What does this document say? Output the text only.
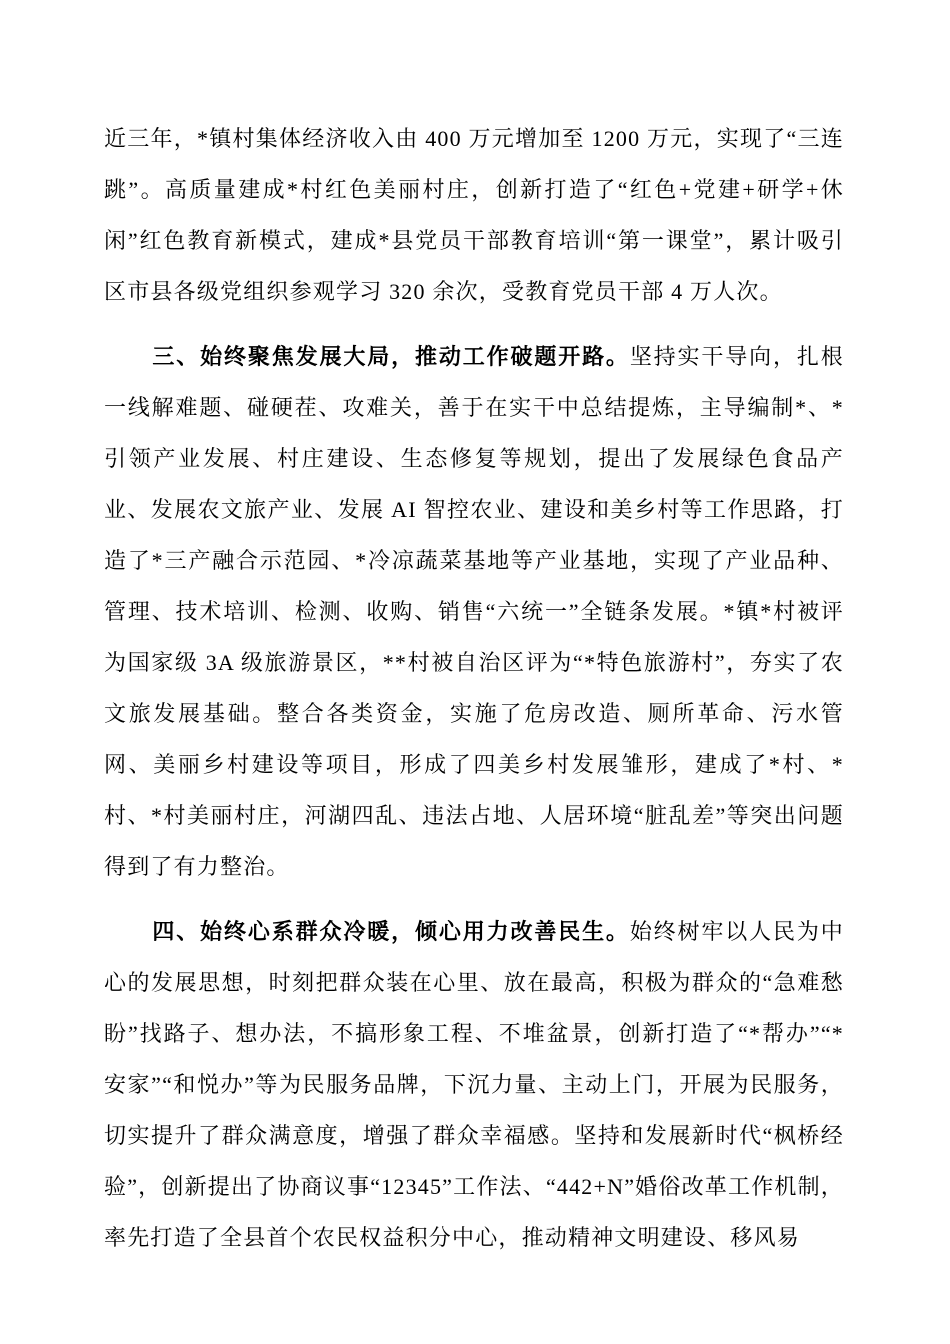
近三年，*镇村集体经济收入由 400 万元增加至 1200 万元，实现了“三连跳”。高质量建成*村红色美丽村庄，创新打造了“红色+党建+研学+休闲”红色教育新模式，建成*县党员干部教育培训“第一课堂”，累计吸引区市县各级党组织参观学习 320 余次，受教育党员干部 4 万人次。

三、始终聚焦发展大局，推动工作破题开路。坚持实干导向，扎根一线解难题、碰硬茬、攻难关，善于在实干中总结提炼，主导编制*、*引领产业发展、村庄建设、生态修复等规划，提出了发展绿色食品产业、发展农文旅产业、发展 AI 智控农业、建设和美乡村等工作思路，打造了*三产融合示范园、*冷凉蔬菜基地等产业基地，实现了产业品种、管理、技术培训、检测、收购、销售“六统一”全链条发展。*镇*村被评为国家级 3A 级旅游景区，**村被自治区评为“*特色旅游村”，夯实了农文旅发展基础。整合各类资金，实施了危房改造、厕所革命、污水管网、美丽乡村建设等项目，形成了四美乡村发展雏形，建成了*村、*村、*村美丽村庄，河湖四乱、违法占地、人居环境“脏乱差”等突出问题得到了有力整治。

四、始终心系群众冷暖，倾心用力改善民生。始终树牢以人民为中心的发展思想，时刻把群众装在心里、放在最高，积极为群众的“急难愁盼”找路子、想办法，不搞形象工程、不堆盆景，创新打造了“*帮办”“*安家”“和悦办”等为民服务品牌，下沉力量、主动上门，开展为民服务，切实提升了群众满意度，增强了群众幸福感。坚持和发展新时代“枫桥经验”，创新提出了协商议事“12345”工作法、“442+N”婚俗改革工作机制，率先打造了全县首个农民权益积分中心，推动精神文明建设、移风易
